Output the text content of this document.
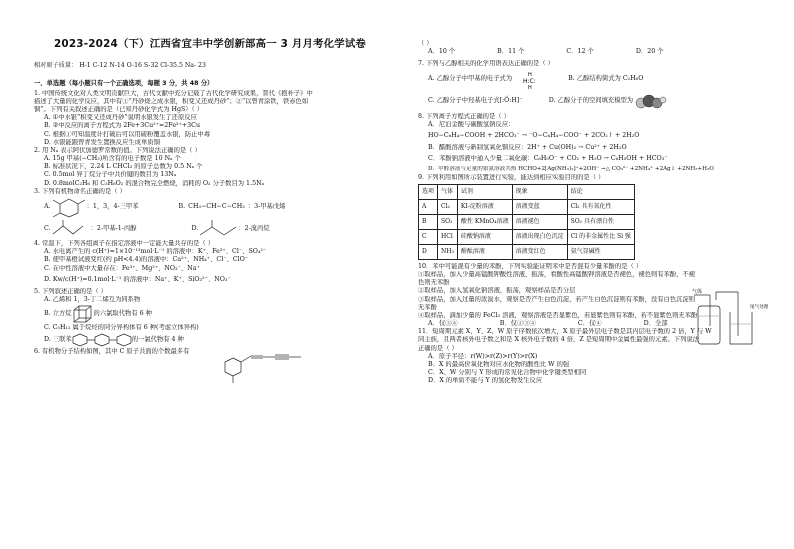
2023-2024（下）江西省宜丰中学创新部高一 3 月月考化学试卷
相对原子质量： H-1 C-12 N-14 O-16 S-32 Cl-35.5 Na- 23
一、单选题（每小题只有一个正确选项，每题 3 分，共 48 分）

1. 中国传统文化对人类文明贡献巨大，古代文献中充分记载了古代化学研究成果，晋代《抱朴子》中

描述了大量的化学反应，其中有①“丹砂烧之成水银，积变又还成丹砂”；②“以曾青涂铁，铁赤色如

铜”。下列有关叙述正确的是（已知丹砂化学式为 HgS）（ ）

A. ①中水银“积变又还成丹砂”说明水银发生了还原反应

B. ②中反应的离子方程式为 2Fe+3Cu²⁺=2Fe³⁺+3Cu

C. 根据①可知温度计打破后可以用硫粉覆盖水银，防止中毒

D. 水银能跟曾青发生置换反应生成单质铜

2. 用 Nₐ 表示阿伏加德罗常数的值。下列说法正确的是（ ）

A. 15g 甲基(−CH₃)所含有的电子数是 10 Nₐ 个

B. 标准状况下，2.24 L CHCl₃ 的原子总数为 0.5 Nₐ 个

C. 0.5mol 异丁烷分子中共价键的数目为 13Nₐ

D. 0.8molC₂H₆ 和 C₃H₆O₂ 的混合物完全燃烧，消耗的 O₂ 分子数目为 1.5Nₐ

3. 下列有机物命名正确的是（ ）

A.	：1，3，4-三甲苯	B. CH₃−CH−C−CH₃ ：3-甲基戊烯
C.	：2-甲基-1-丙醇	D.	：2-溴丙烷

4. 常温下，下列各组离子在指定溶液中一定能大量共存的是（ ）

A. 水电离产生的 c(H⁺)=1×10⁻¹³mol·L⁻¹ 的溶液中：K⁺、Fe³⁺、Cl⁻、SO₄²⁻

B. 使甲基橙试液变红(约 pH<4.4)的溶液中：Ca²⁺、NH₄⁺、Cl⁻、ClO⁻

C. 在中性溶液中大量存在：Fe³⁺、Mg²⁺、NO₃⁻、Na⁺

D. Kw/c(H⁺)=0.1mol·L⁻¹ 的溶液中：Na⁺、K⁺、SiO₃²⁻、NO₃⁻

5. 下列叙述正确的是（ ）

A. 乙烯和 1，3-丁二烯互为同系物

B. 立方烷	的六氯取代物有 6 种

C. C₅H₁₂ 属于烷烃的同分异构体有 6 种(考虑立体异构)

D. 三联苯	的一氯代物有 4 种
6. 有机物分子结构如图，其中 C 原子共面的个数最多有

（ ）

A．10 个	B．11 个	C．12 个	D．20 个

7. 下列与乙醇相关的化学用语表达正确的是（ ）

A. 乙醇分子中甲基的电子式为 H:C:
H
H
B. 乙醇结构简式为 C₂H₆O
C. 乙醇分子中羟基电子式[:Ö:H]⁻	D. 乙醇分子的空间填充模型为

8. 下列离子方程式正确的是（ ）

A．尼泊金酸与碳酸氢钠反应：

HO−C₆H₄−COOH + 2HCO₃⁻ → ⁻O−C₆H₄−COO⁻ + 2CO₂↑ + 2H₂O

B．醋酸溶液与新制氢氧化铜反应：2H⁺ + Cu(OH)₂ → Cu²⁺ + 2H₂O

C．苯酚钠溶液中通入少量二氧化碳：C₆H₅O⁻ + CO₂ + H₂O → C₆H₅OH + HCO₃⁻

D．甲醛溶液与足量的银氨溶液共热 HCHO+2[Ag(NH₃)₂]⁺+2OH⁻ →△ CO₃²⁻ +2NH₄⁺ +2Ag↓ +2NH₃+H₂O

9. 下列利用如图所示装置进行实验，能达到相应实验目的的是（ ）

选项	气体	试剂	现象	结论
A	Cl₂	KI-淀粉溶液	溶液变蓝	Cl₂ 具有氧化性
B	SO₂	酸性 KMnO₄溶液	溶液褪色	SO₂ 具有漂白性
C	HCl	硅酸钠溶液	溶液出现白色沉淀	Cl 的非金属性比 Si 强
D	NH₃	酚酞溶液	溶液变红色	氨气显碱性

10．苯中可能混有少量的苯酚，下列实验能证明苯中是否混有少量苯酚的是（ ）

①取样品，加入少量高锰酸钾酸性溶液，振荡，看酸性高锰酸钾溶液是否褪色，褪色则有苯酚，不褪

色则无苯酚

②取样品，加入氢氧化钠溶液，振荡，观察样品是否分层

③取样品，加入过量的浓溴水，观察是否产生白色沉淀，若产生白色沉淀则有苯酚，没有白色沉淀则

无苯酚

④取样品，滴加少量的 FeCl₃ 溶液，观察溶液是否显紫色，若显紫色则有苯酚，若不显紫色则无苯酚

A．仅③④	B．仅①③④	C．仅④	D．全部

11．短周期元素 X、Y、Z、W 原子序数依次增大，X 原子最外层电子数是其内层电子数的 2 倍，Y 与 W

同主族，且两者核外电子数之和是 X 核外电子数的 4 倍，Z 是短周期中金属性最强的元素。下列说法

正确的是（ ）

A．原子半径：r(W)>r(Z)>r(Y)>r(X)

B．X 的最高价氧化物对应水化物的酸性比 W 的强

C．X、W 分别与 Y 形成的常见化合物中化学键类型相同

D．X 的单质不能与 Y 的氢化物发生反应

气体
尾气处理
